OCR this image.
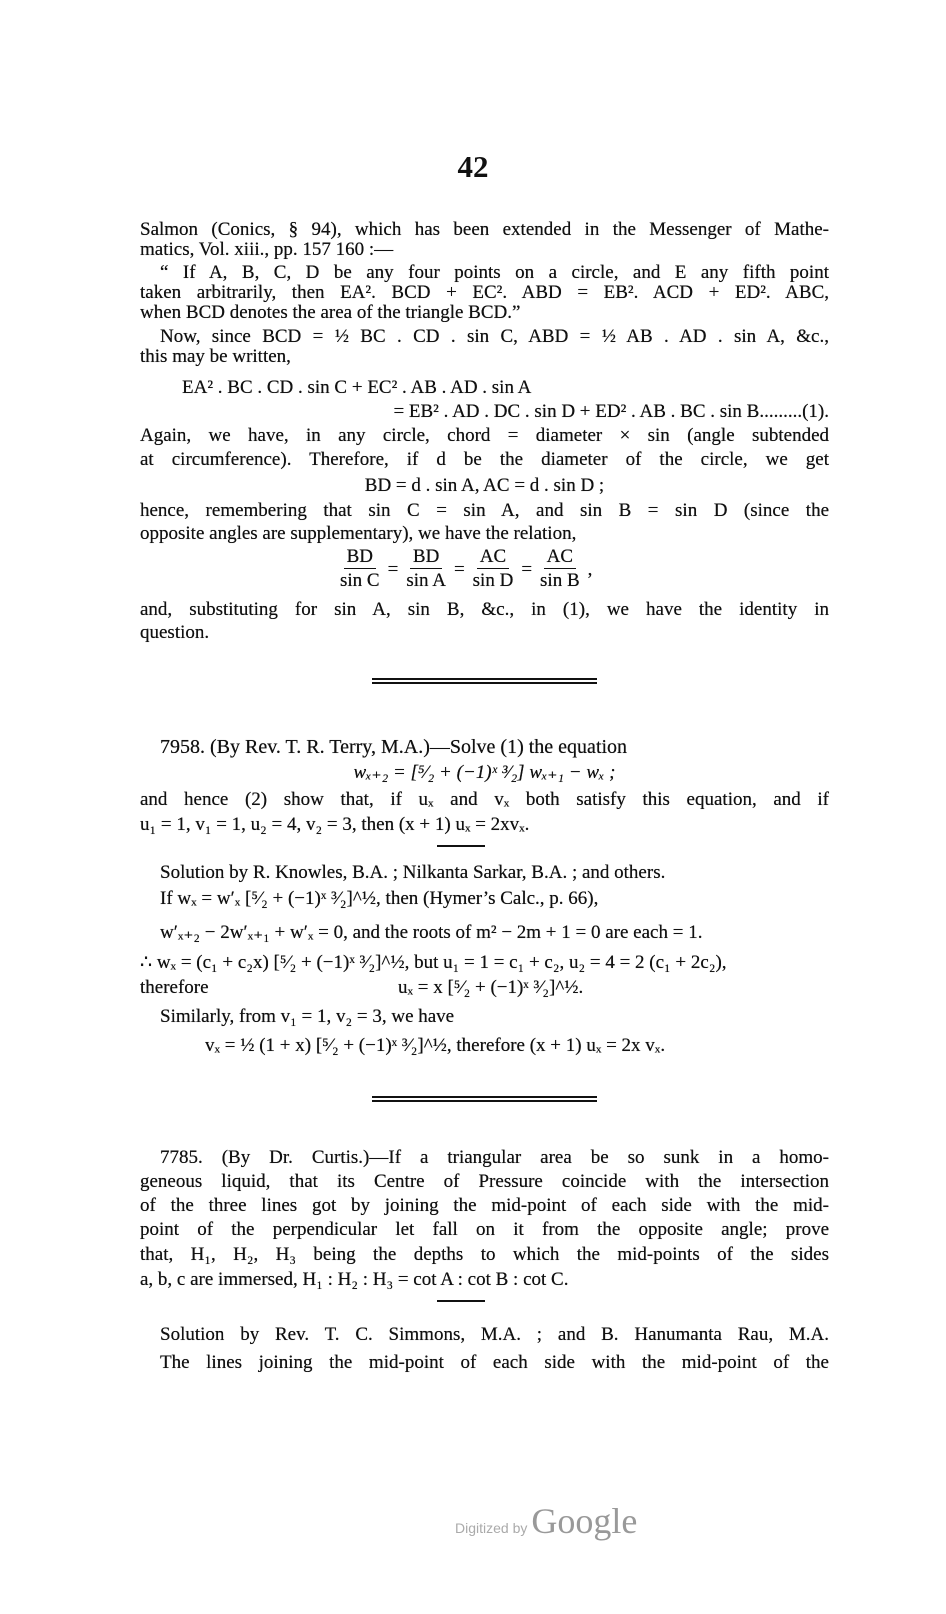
42
Salmon (Conics, § 94), which has been extended in the Messenger of Mathe-
matics, Vol. xiii., pp. 157 160 :—
“ If A, B, C, D be any four points on a circle, and E any fifth point
taken arbitrarily, then EA². BCD + EC². ABD = EB². ACD + ED². ABC,
when BCD denotes the area of the triangle BCD.”
Now, since BCD = ½ BC . CD . sin C, ABD = ½ AB . AD . sin A, &c.,
this may be written,
EA² . BC . CD . sin C + EC² . AB . AD . sin A
= EB² . AD . DC . sin D + ED² . AB . BC . sin B.........(1).
Again, we have, in any circle, chord = diameter × sin (angle subtended
at circumference). Therefore, if d be the diameter of the circle, we get
BD = d . sin A, AC = d . sin D ;
hence, remembering that sin C = sin A, and sin B = sin D (since the
opposite angles are supplementary), we have the relation,
$\frac{BD}{\text{sin C}} = \frac{BD}{\text{sin A}} = \frac{AC}{\text{sin D}} = \frac{AC}{\text{sin B}}$ ,
and, substituting for sin A, sin B, &c., in (1), we have the identity in
question.
7958. (By Rev. T. R. Terry, M.A.)—Solve (1) the equation
wₓ₊₂ = [⁵⁄₂ + (−1)ˣ ³⁄₂] wₓ₊₁ − wₓ ;
and hence (2) show that, if uₓ and vₓ both satisfy this equation, and if
u₁ = 1, v₁ = 1, u₂ = 4, v₂ = 3, then (x + 1) uₓ = 2xvₓ.
Solution by R. Knowles, B.A. ; Nilkanta Sarkar, B.A. ; and others.
If wₓ = w′ₓ [⁵⁄₂ + (−1)ˣ ³⁄₂]^½, then (Hymer’s Calc., p. 66),
w′ₓ₊₂ − 2w′ₓ₊₁ + w′ₓ = 0, and the roots of m² − 2m + 1 = 0 are each = 1.
∴ wₓ = (c₁ + c₂x) [⁵⁄₂ + (−1)ˣ ³⁄₂]^½, but u₁ = 1 = c₁ + c₂, u₂ = 4 = 2 (c₁ + 2c₂),
therefore	uₓ = x [⁵⁄₂ + (−1)ˣ ³⁄₂]^½.
Similarly, from v₁ = 1, v₂ = 3, we have
vₓ = ½ (1 + x) [⁵⁄₂ + (−1)ˣ ³⁄₂]^½, therefore (x + 1) uₓ = 2x vₓ.
7785. (By Dr. Curtis.)—If a triangular area be so sunk in a homo-
geneous liquid, that its Centre of Pressure coincide with the intersection
of the three lines got by joining the mid-point of each side with the mid-
point of the perpendicular let fall on it from the opposite angle; prove
that, H₁, H₂, H₃ being the depths to which the mid-points of the sides
a, b, c are immersed, H₁ : H₂ : H₃ = cot A : cot B : cot C.
Solution by Rev. T. C. Simmons, M.A. ; and B. Hanumanta Rau, M.A.
The lines joining the mid-point of each side with the mid-point of the
Digitized by Google
